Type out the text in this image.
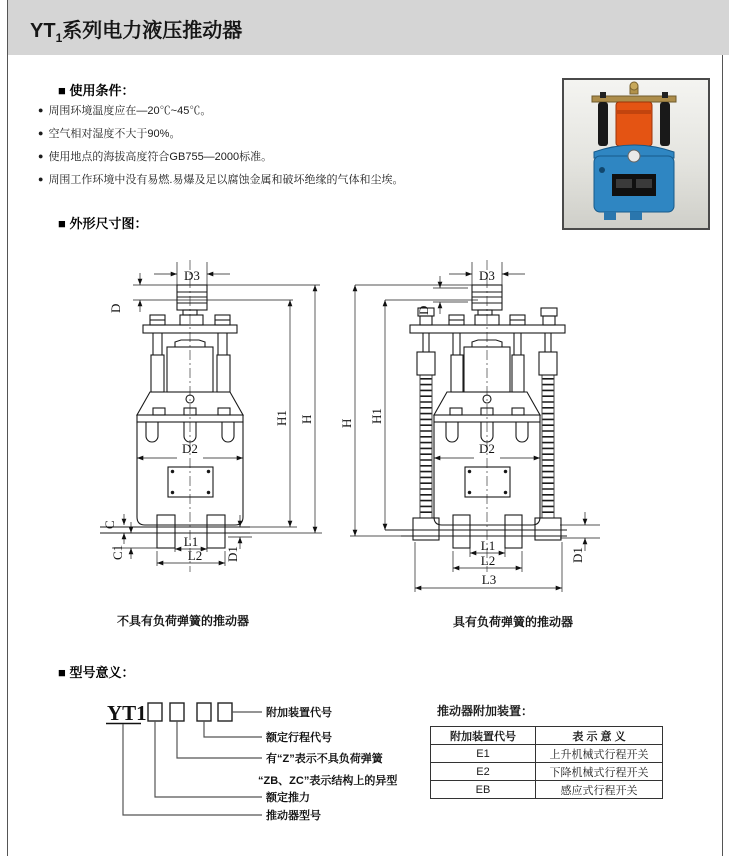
$YT_1$系列电力液压推动器
■ 使用条件：
● 周围环境温度应在—20℃~45℃。
● 空气相对湿度不大于90%。
● 使用地点的海拔高度符合GB755—2000标准。
● 周围工作环境中没有易燃.易爆及足以腐蚀金属和破坏绝缘的气体和尘埃。
■ 外形尺寸图：
D3
D
H1 H
D2
C
C1
L1
L2 D1
D3
D
H H1
D2
L1
L2
L3
D1
不具有负荷弹簧的推动器	具有负荷弹簧的推动器
■ 型号意义：
YT1	附加装置代号
额定行程代号
有“Z”表示不具负荷弹簧
“ZB、ZC”表示结构上的异型
额定推力
推动器型号
推动器附加装置：
附加装置代号	表 示 意 义
E1	上升机械式行程开关
E2	下降机械式行程开关
EB	感应式行程开关
